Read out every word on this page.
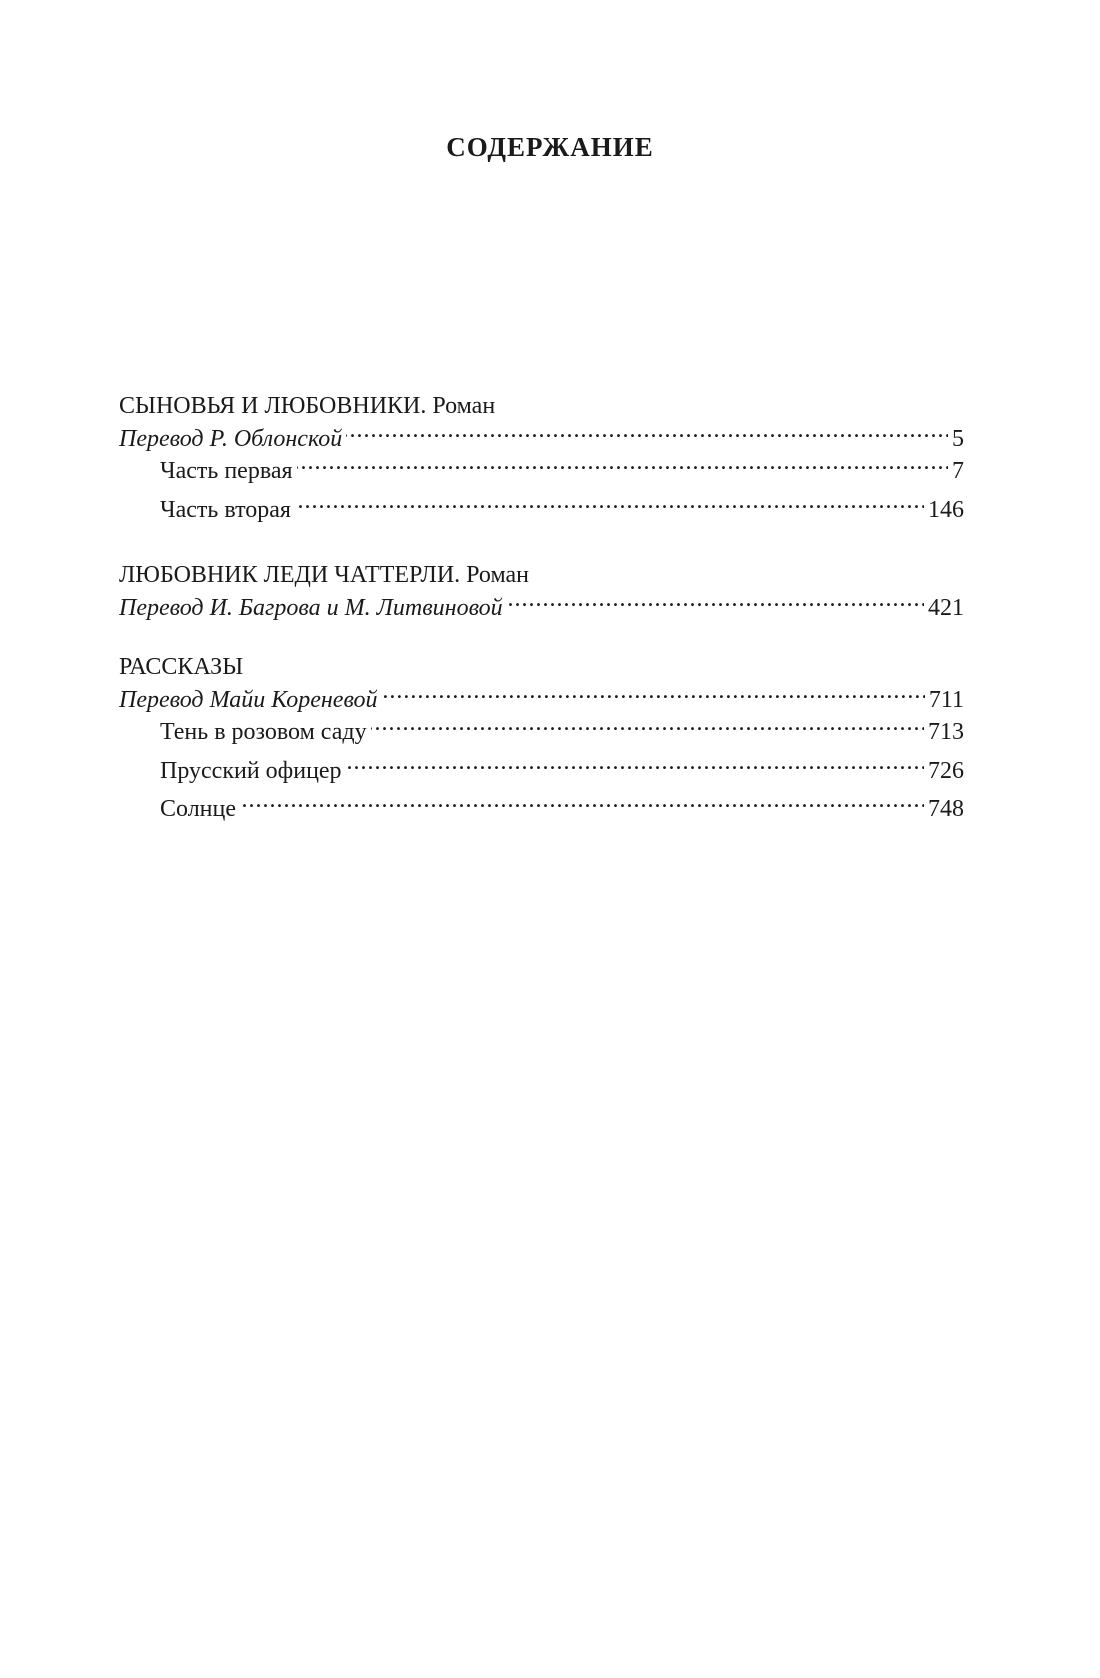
СОДЕРЖАНИЕ
СЫНОВЬЯ И ЛЮБОВНИКИ. Роман
Перевод Р. Облонской . . .	5
Часть первая . . .	7
Часть вторая . . .	146
ЛЮБОВНИК ЛЕДИ ЧАТТЕРЛИ. Роман
Перевод И. Багрова и М. Литвиновой . . .	421
РАССКАЗЫ
Перевод Майи Кореневой . . .	711
Тень в розовом саду . . .	713
Прусский офицер . . .	726
Солнце . . .	748
